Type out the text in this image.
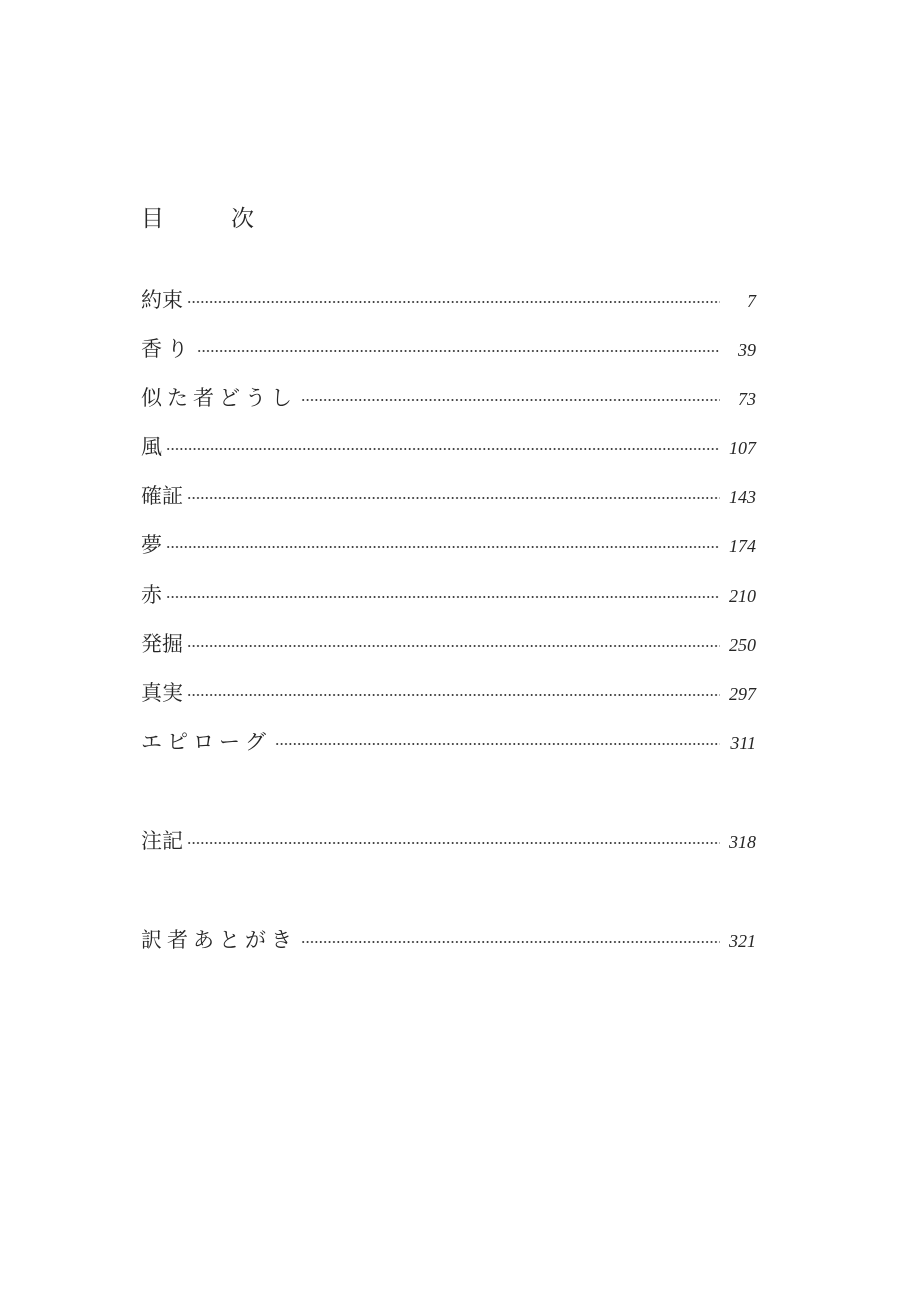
目　次
約束	7
香り	39
似た者どうし	73
風	107
確証	143
夢	174
赤	210
発掘	250
真実	297
エピローグ	311
注記	318
訳者あとがき	321
